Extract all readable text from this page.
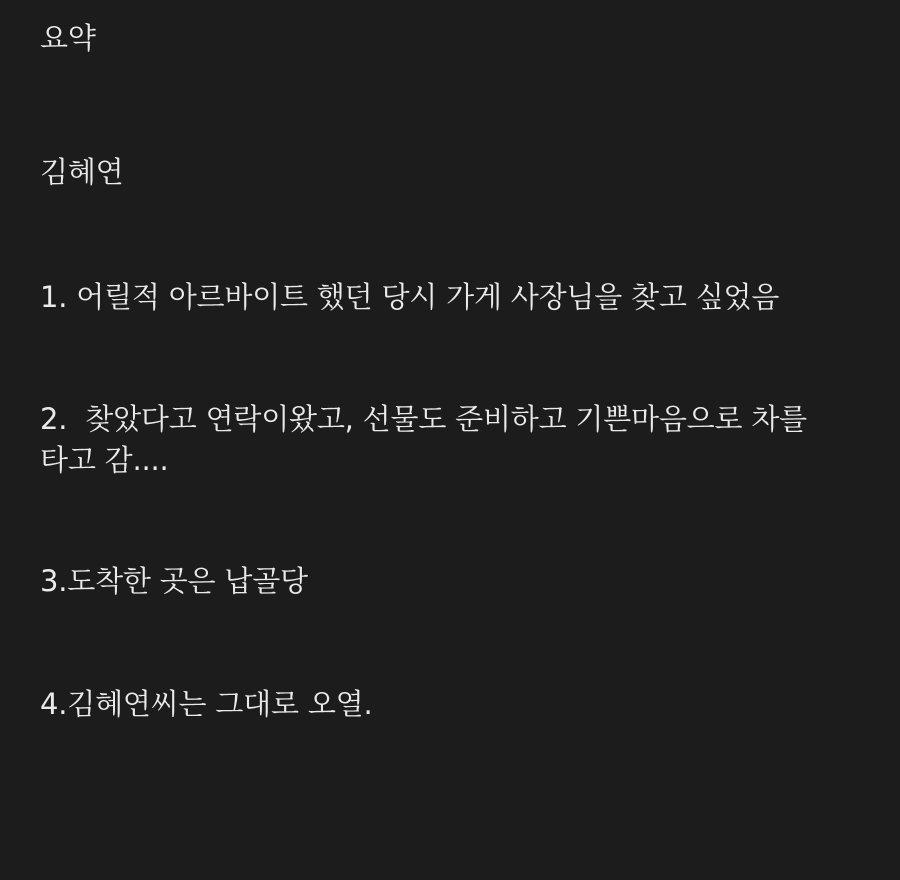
요약
김혜연
1. 어릴적 아르바이트 했던 당시 가게 사장님을 찾고 싶었음
2.  찾았다고 연락이왔고, 선물도 준비하고 기쁜마음으로 차를 타고 감....
3.도착한 곳은 납골당
4.김혜연씨는 그대로 오열.
